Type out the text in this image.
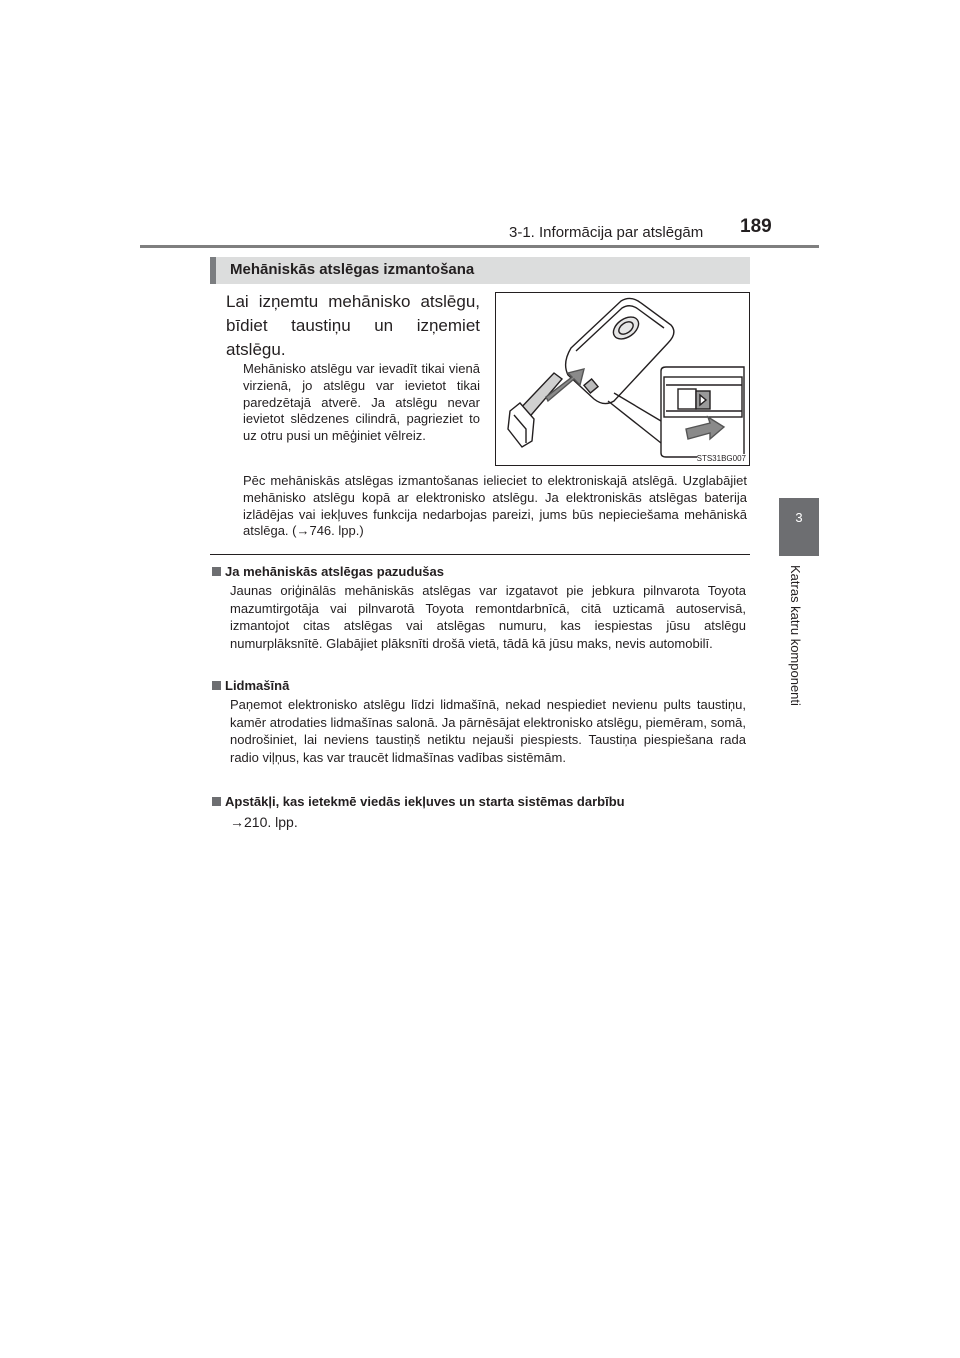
3-1. Informācija par atslēgām 189
3
Katras katru komponenti
Mehāniskās atslēgas izmantošana
Lai izņemtu mehānisko atslēgu, bīdiet taustiņu un izņemiet atslēgu.
Mehānisko atslēgu var ievadīt tikai vienā virzienā, jo atslēgu var ievietot tikai paredzētajā atverē. Ja atslēgu nevar ievietot slēdzenes cilindrā, pagrieziet to uz otru pusi un mēģiniet vēlreiz.
STS31BG007
Pēc mehāniskās atslēgas izmantošanas ielieciet to elektroniskajā atslēgā. Uzglabājiet mehānisko atslēgu kopā ar elektronisko atslēgu. Ja elektroniskās atslēgas baterija izlādējas vai iekļuves funkcija nedarbojas pareizi, jums būs nepieciešama mehāniskā atslēga. (→746. lpp.)
Ja mehāniskās atslēgas pazudušas
Jaunas oriģinālās mehāniskās atslēgas var izgatavot pie jebkura pilnvarota Toyota mazumtirgotāja vai pilnvarotā Toyota remontdarbnīcā, citā uzticamā autoservisā, izmantojot citas atslēgas vai atslēgas numuru, kas iespiestas jūsu atslēgu numurplāksnītē. Glabājiet plāksnīti drošā vietā, tādā kā jūsu maks, nevis automobilī.
Lidmašīnā
Paņemot elektronisko atslēgu līdzi lidmašīnā, nekad nespiediet nevienu pults taustiņu, kamēr atrodaties lidmašīnas salonā. Ja pārnēsājat elektronisko atslēgu, piemēram, somā, nodrošiniet, lai neviens taustiņš netiktu nejauši piespiests. Taustiņa piespiešana rada radio viļņus, kas var traucēt lidmašīnas vadības sistēmām.
Apstākļi, kas ietekmē viedās iekļuves un starta sistēmas darbību
→210. lpp.
